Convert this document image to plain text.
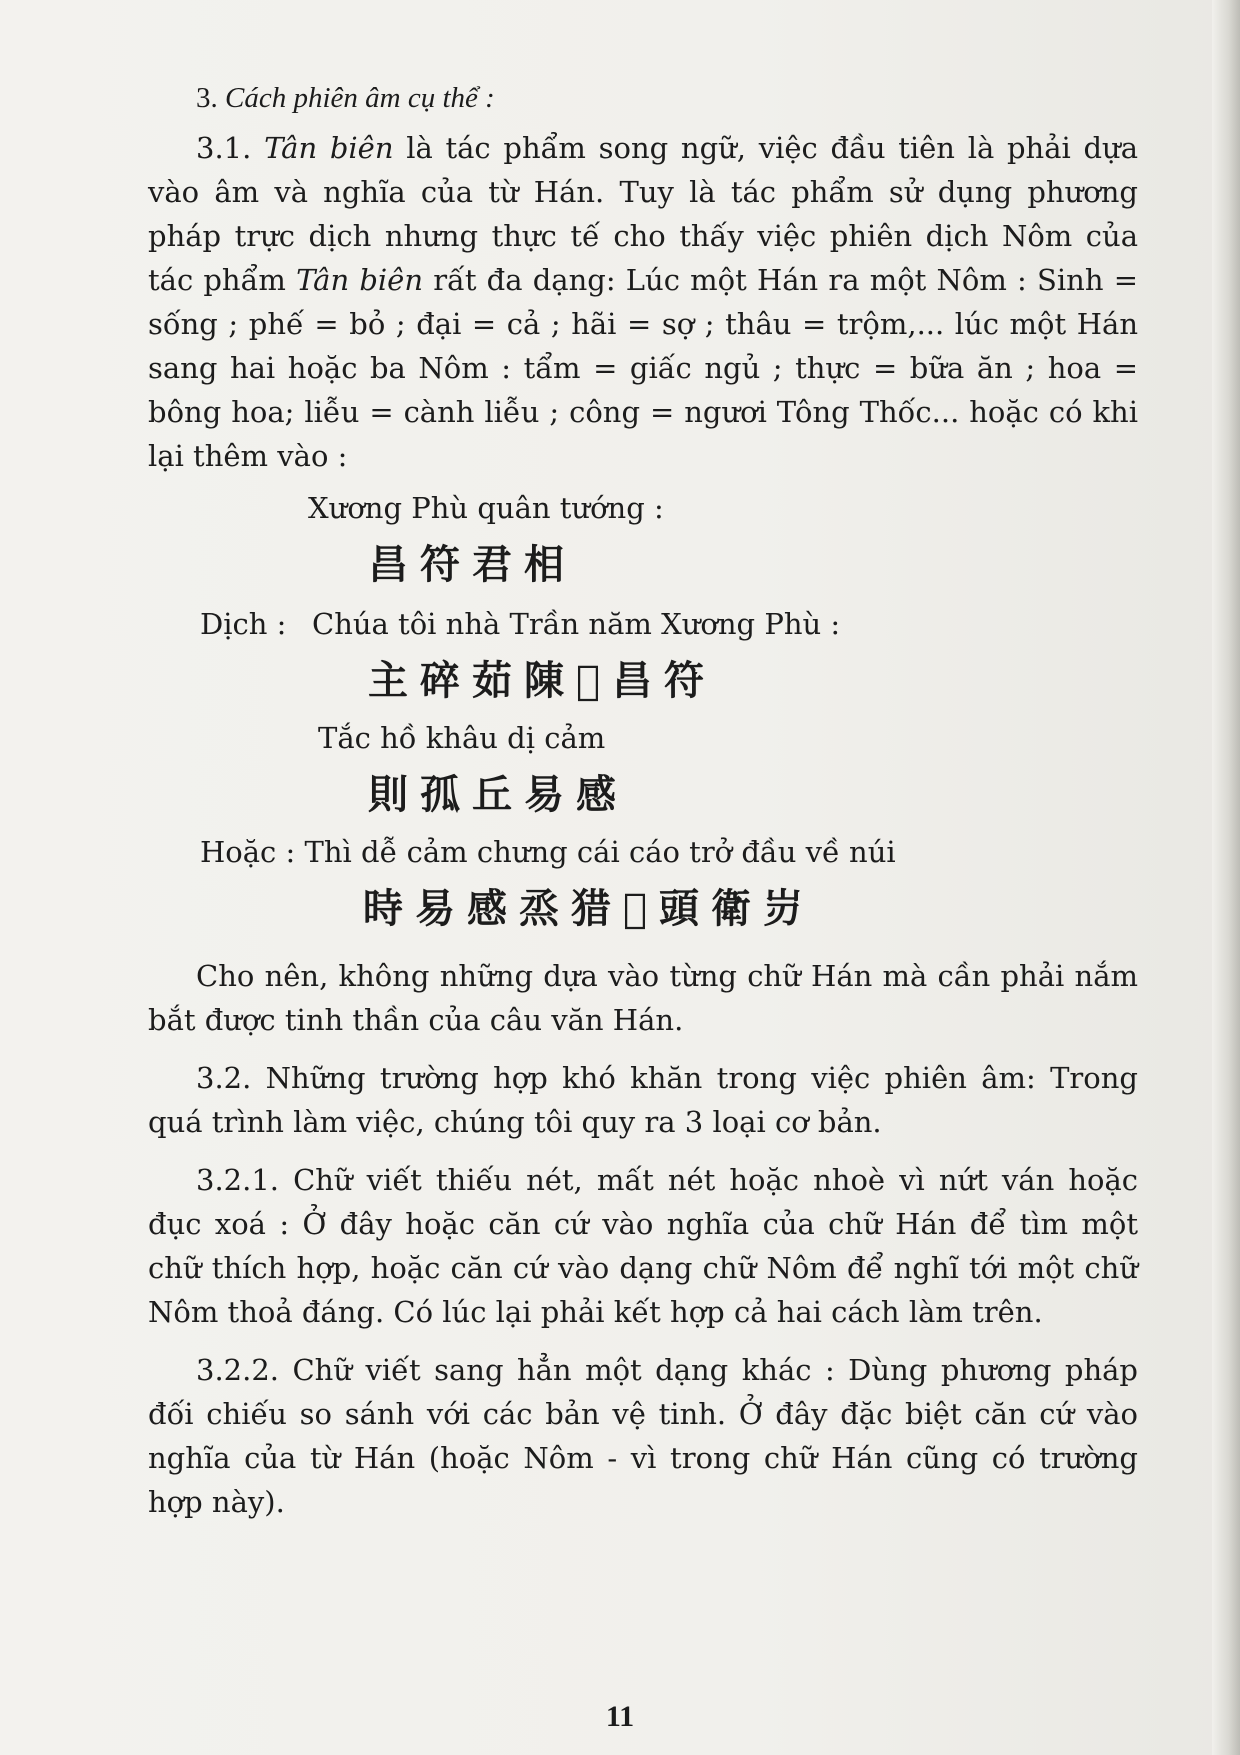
3. Cách phiên âm cụ thể :

3.1. Tân biên là tác phẩm song ngữ, việc đầu tiên là phải dựa vào âm và nghĩa của từ Hán. Tuy là tác phẩm sử dụng phương pháp trực dịch nhưng thực tế cho thấy việc phiên dịch Nôm của tác phẩm Tân biên rất đa dạng: Lúc một Hán ra một Nôm : Sinh = sống ; phế = bỏ ; đại = cả ; hãi = sợ ; thâu = trộm,... lúc một Hán sang hai hoặc ba Nôm : tẩm = giấc ngủ ; thực = bữa ăn ; hoa = bông hoa; liễu = cành liễu ; công = ngươi Tông Thốc... hoặc có khi lại thêm vào :

Xương Phù quân tướng :

昌符君相

Dịch : Chúa tôi nhà Trần năm Xương Phù :

主碎茹陳𢆥昌符

Tắc hồ khâu dị cảm

則孤丘易感

Hoặc : Thì dễ cảm chưng cái cáo trở đầu về núi

時易感烝猎𨀍頭衛岃

Cho nên, không những dựa vào từng chữ Hán mà cần phải nắm bắt được tinh thần của câu văn Hán.

3.2. Những trường hợp khó khăn trong việc phiên âm: Trong quá trình làm việc, chúng tôi quy ra 3 loại cơ bản.

3.2.1. Chữ viết thiếu nét, mất nét hoặc nhoè vì nứt ván hoặc đục xoá : Ở đây hoặc căn cứ vào nghĩa của chữ Hán để tìm một chữ thích hợp, hoặc căn cứ vào dạng chữ Nôm để nghĩ tới một chữ Nôm thoả đáng. Có lúc lại phải kết hợp cả hai cách làm trên.

3.2.2. Chữ viết sang hẳn một dạng khác : Dùng phương pháp đối chiếu so sánh với các bản vệ tinh. Ở đây đặc biệt căn cứ vào nghĩa của từ Hán (hoặc Nôm - vì trong chữ Hán cũng có trường hợp này).

11
